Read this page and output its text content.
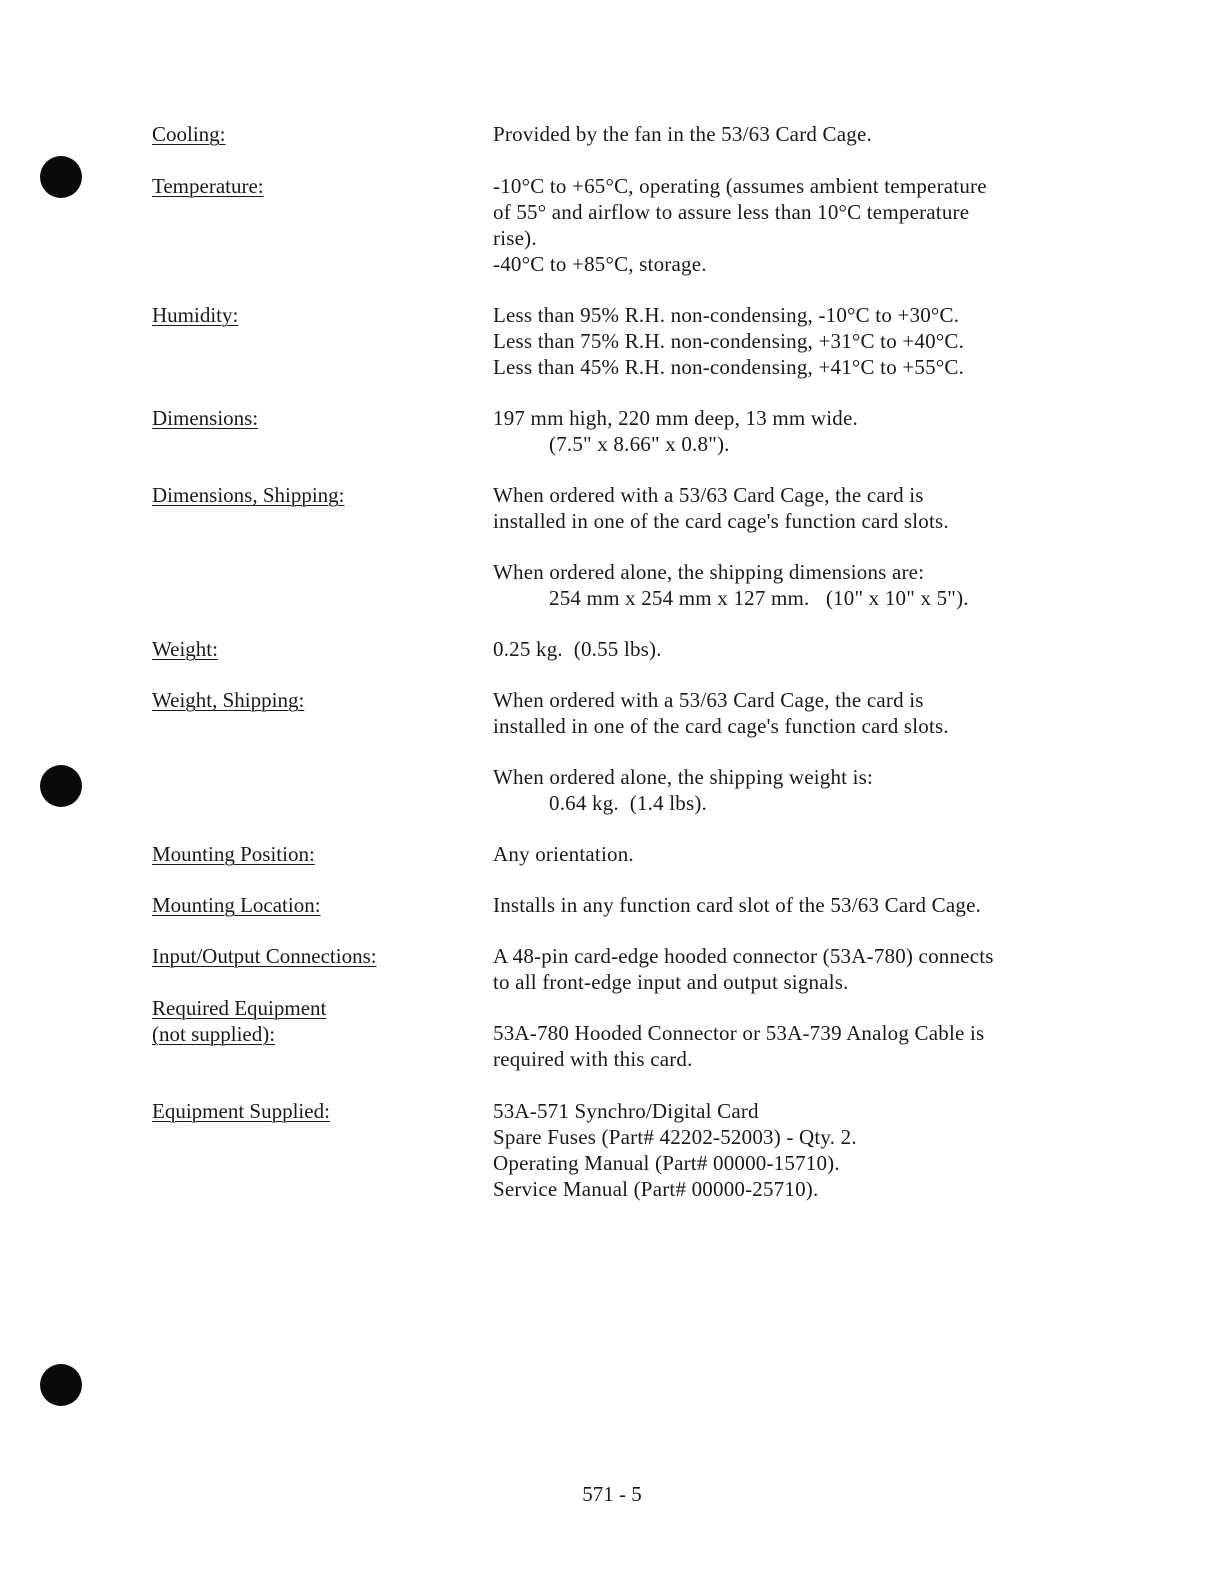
Cooling:	Provided by the fan in the 53/63 Card Cage.
Temperature:	-10°C to +65°C, operating (assumes ambient temperature
of 55° and airflow to assure less than 10°C temperature
rise).
-40°C to +85°C, storage.
Humidity:	Less than 95% R.H. non-condensing, -10°C to +30°C.
Less than 75% R.H. non-condensing, +31°C to +40°C.
Less than 45% R.H. non-condensing, +41°C to +55°C.
Dimensions:	197 mm high, 220 mm deep, 13 mm wide.
(7.5" x 8.66" x 0.8").
Dimensions, Shipping:	When ordered with a 53/63 Card Cage, the card is
installed in one of the card cage's function card slots.
When ordered alone, the shipping dimensions are:
254 mm x 254 mm x 127 mm.   (10" x 10" x 5").
Weight:	0.25 kg.  (0.55 lbs).
Weight, Shipping:	When ordered with a 53/63 Card Cage, the card is
installed in one of the card cage's function card slots.
When ordered alone, the shipping weight is:
0.64 kg.  (1.4 lbs).
Mounting Position:	Any orientation.
Mounting Location:	Installs in any function card slot of the 53/63 Card Cage.
Input/Output Connections:	A 48-pin card-edge hooded connector (53A-780) connects
to all front-edge input and output signals.
Required Equipment
(not supplied):	53A-780 Hooded Connector or 53A-739 Analog Cable is
required with this card.
Equipment Supplied:	53A-571 Synchro/Digital Card
Spare Fuses (Part# 42202-52003) - Qty. 2.
Operating Manual (Part# 00000-15710).
Service Manual (Part# 00000-25710).
571 - 5
